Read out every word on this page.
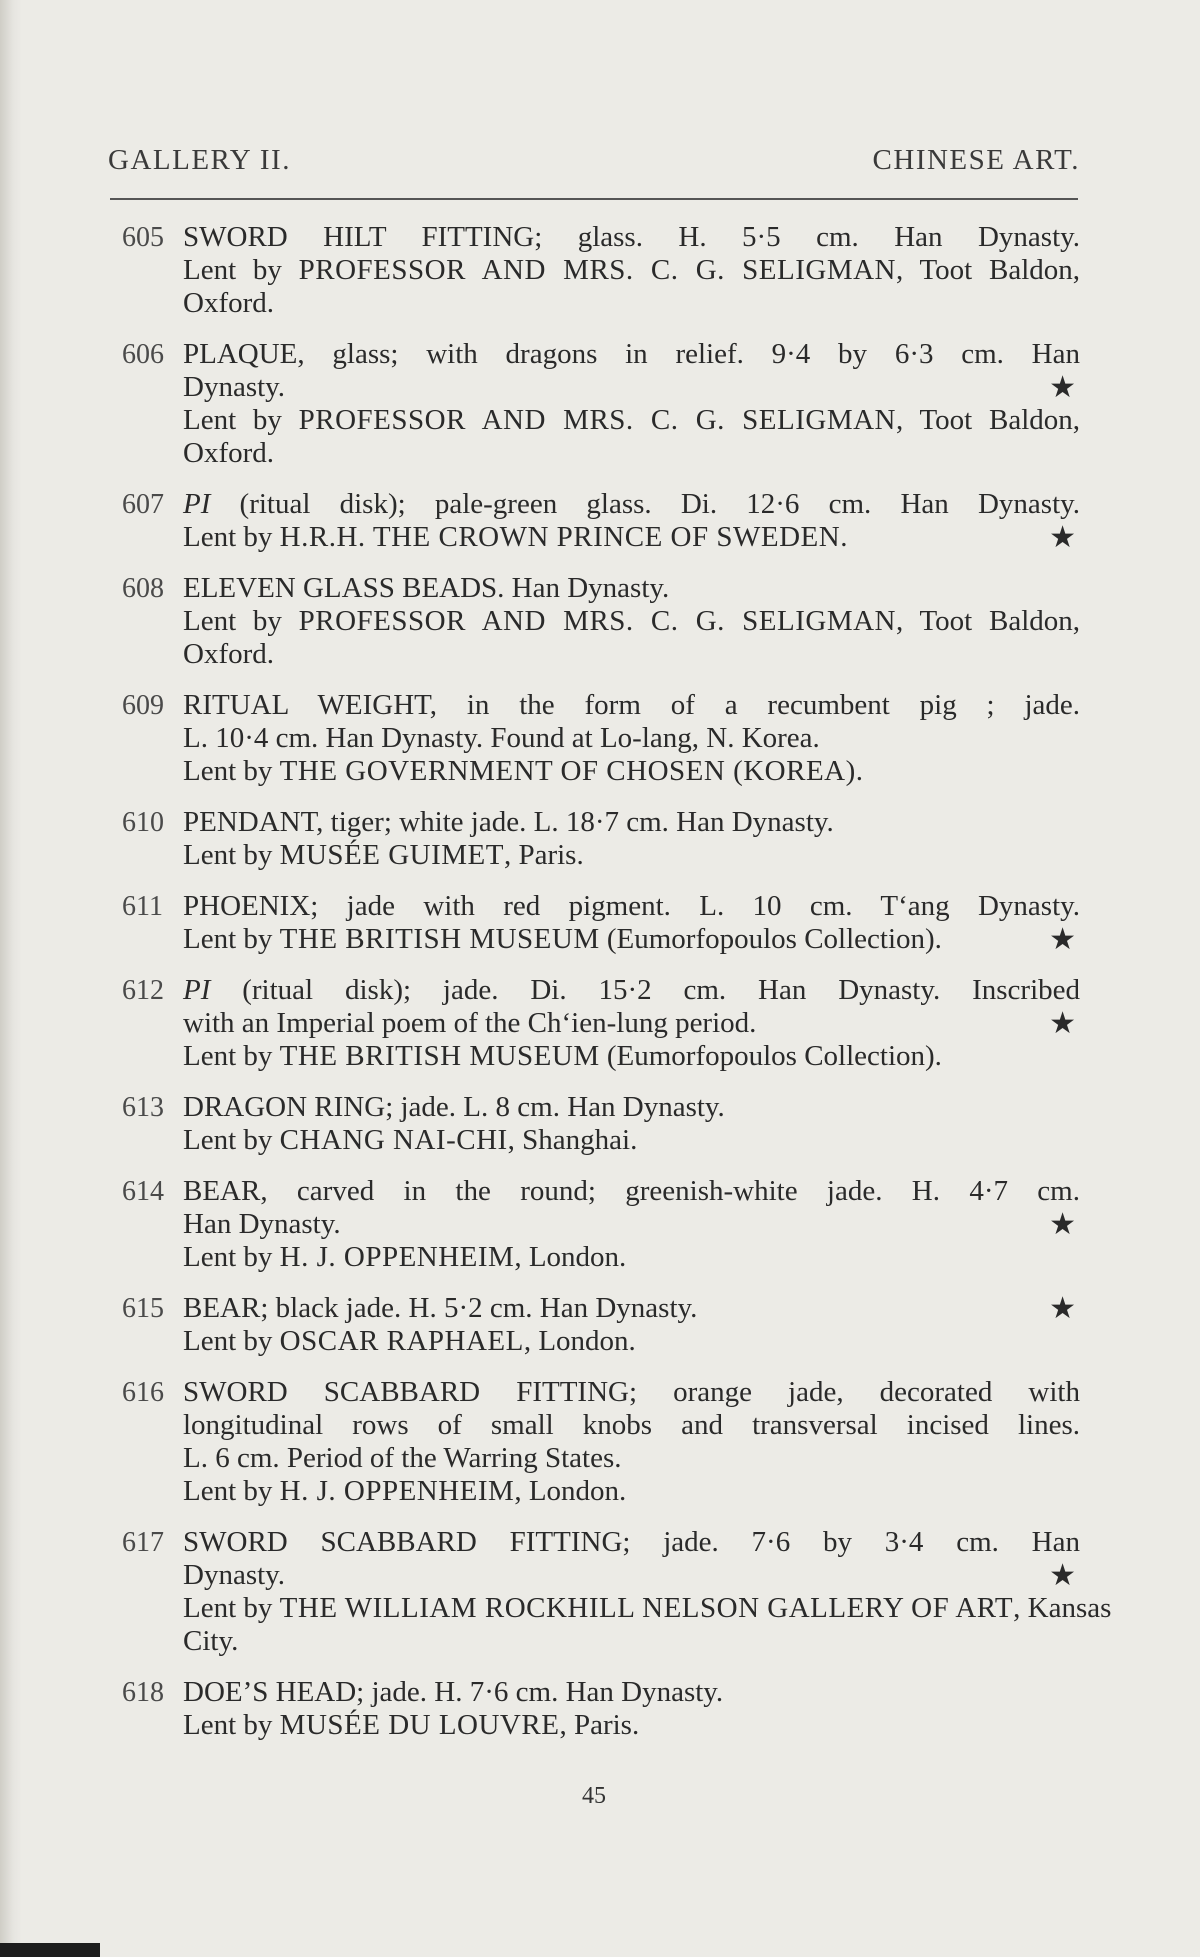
GALLERY II.	CHINESE ART.
605 SWORD HILT FITTING; glass. H. 5·5 cm. Han Dynasty.
Lent by PROFESSOR AND MRS. C. G. SELIGMAN, Toot Baldon,
Oxford.
606 PLAQUE, glass; with dragons in relief. 9·4 by 6·3 cm. Han
Dynasty.	★
Lent by PROFESSOR AND MRS. C. G. SELIGMAN, Toot Baldon,
Oxford.
607 PI (ritual disk); pale-green glass. Di. 12·6 cm. Han Dynasty.
Lent by H.R.H. THE CROWN PRINCE OF SWEDEN.	★
608 ELEVEN GLASS BEADS. Han Dynasty.
Lent by PROFESSOR AND MRS. C. G. SELIGMAN, Toot Baldon,
Oxford.
609 RITUAL WEIGHT, in the form of a recumbent pig ; jade.
L. 10·4 cm. Han Dynasty. Found at Lo-lang, N. Korea.
Lent by THE GOVERNMENT OF CHOSEN (KOREA).
610 PENDANT, tiger; white jade. L. 18·7 cm. Han Dynasty.
Lent by MUSÉE GUIMET, Paris.
611 PHOENIX; jade with red pigment. L. 10 cm. T‘ang Dynasty.
Lent by THE BRITISH MUSEUM (Eumorfopoulos Collection).	★
612 PI (ritual disk); jade. Di. 15·2 cm. Han Dynasty. Inscribed
with an Imperial poem of the Ch‘ien-lung period.	★
Lent by THE BRITISH MUSEUM (Eumorfopoulos Collection).
613 DRAGON RING; jade. L. 8 cm. Han Dynasty.
Lent by CHANG NAI-CHI, Shanghai.
614 BEAR, carved in the round; greenish-white jade. H. 4·7 cm.
Han Dynasty.	★
Lent by H. J. OPPENHEIM, London.
615 BEAR; black jade. H. 5·2 cm. Han Dynasty.	★
Lent by OSCAR RAPHAEL, London.
616 SWORD SCABBARD FITTING; orange jade, decorated with
longitudinal rows of small knobs and transversal incised lines.
L. 6 cm. Period of the Warring States.
Lent by H. J. OPPENHEIM, London.
617 SWORD SCABBARD FITTING; jade. 7·6 by 3·4 cm. Han
Dynasty.	★
Lent by THE WILLIAM ROCKHILL NELSON GALLERY OF ART, Kansas
City.
618 DOE’S HEAD; jade. H. 7·6 cm. Han Dynasty.
Lent by MUSÉE DU LOUVRE, Paris.
45
